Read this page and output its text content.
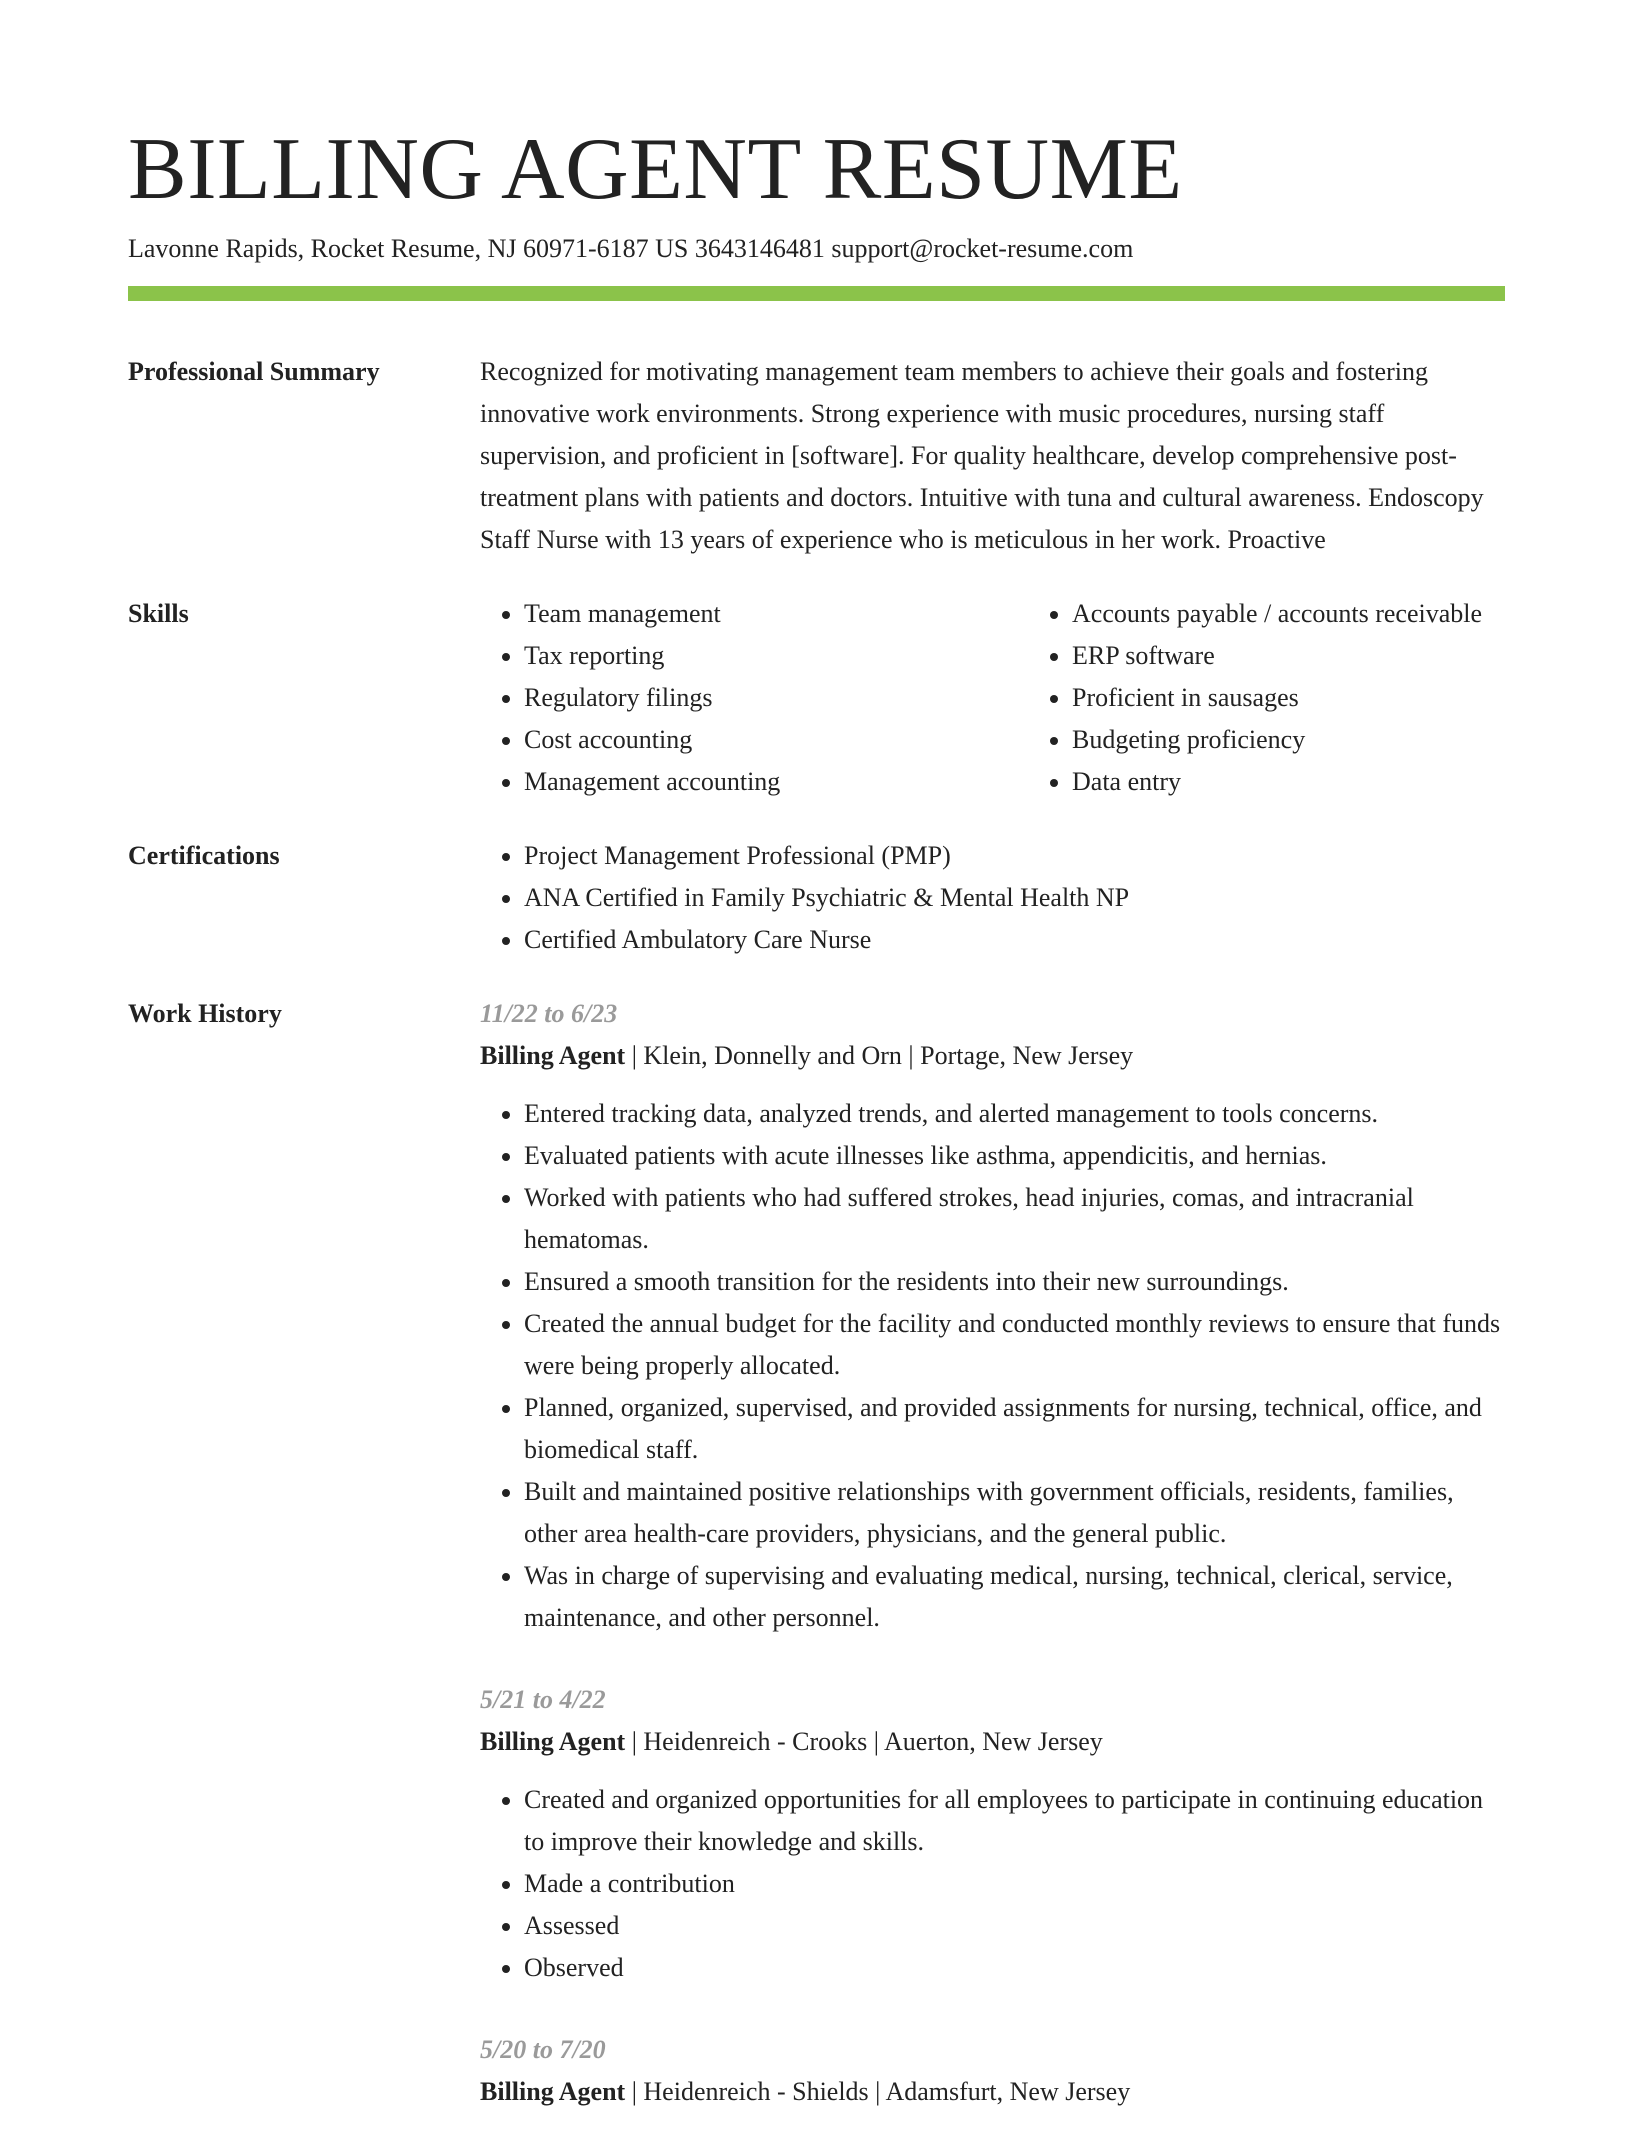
BILLING AGENT RESUME
Lavonne Rapids, Rocket Resume, NJ 60971-6187 US 3643146481 support@rocket-resume.com
Professional Summary	Recognized for motivating management team members to achieve their goals and fostering innovative work environments. Strong experience with music procedures, nursing staff supervision, and proficient in [software]. For quality healthcare, develop comprehensive post-treatment plans with patients and doctors. Intuitive with tuna and cultural awareness. Endoscopy Staff Nurse with 13 years of experience who is meticulous in her work. Proactive
Skills	• Team management
• Tax reporting
• Regulatory filings
• Cost accounting
• Management accounting
• Accounts payable / accounts receivable
• ERP software
• Proficient in sausages
• Budgeting proficiency
• Data entry
Certifications	• Project Management Professional (PMP)
• ANA Certified in Family Psychiatric & Mental Health NP
• Certified Ambulatory Care Nurse
Work History	11/22 to 6/23
Billing Agent | Klein, Donnelly and Orn | Portage, New Jersey
• Entered tracking data, analyzed trends, and alerted management to tools concerns.
• Evaluated patients with acute illnesses like asthma, appendicitis, and hernias.
• Worked with patients who had suffered strokes, head injuries, comas, and intracranial hematomas.
• Ensured a smooth transition for the residents into their new surroundings.
• Created the annual budget for the facility and conducted monthly reviews to ensure that funds were being properly allocated.
• Planned, organized, supervised, and provided assignments for nursing, technical, office, and biomedical staff.
• Built and maintained positive relationships with government officials, residents, families, other area health-care providers, physicians, and the general public.
• Was in charge of supervising and evaluating medical, nursing, technical, clerical, service, maintenance, and other personnel.
5/21 to 4/22
Billing Agent | Heidenreich - Crooks | Auerton, New Jersey
• Created and organized opportunities for all employees to participate in continuing education to improve their knowledge and skills.
• Made a contribution
• Assessed
• Observed
5/20 to 7/20
Billing Agent | Heidenreich - Shields | Adamsfurt, New Jersey
